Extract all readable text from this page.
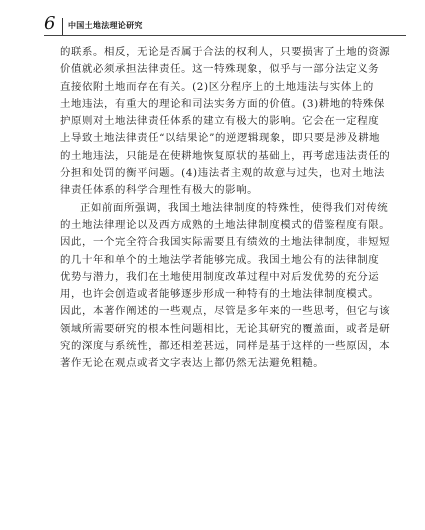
6 中国土地法理论研究
的联系。相反，无论是否属于合法的权利人，只要损害了土地的资源
价值就必须承担法律责任。这一特殊现象，似乎与一部分法定义务
直接依附土地而存在有关。(2)区分程序上的土地违法与实体上的
土地违法，有重大的理论和司法实务方面的价值。(3)耕地的特殊保
护原则对土地法律责任体系的建立有极大的影响。它会在一定程度
上导致土地法律责任“以结果论”的逆逻辑现象，即只要是涉及耕地
的土地违法，只能是在使耕地恢复原状的基础上，再考虑违法责任的
分担和处罚的衡平问题。(4)违法者主观的故意与过失，也对土地法
律责任体系的科学合理性有极大的影响。
正如前面所强调，我国土地法律制度的特殊性，使得我们对传统
的土地法律理论以及西方成熟的土地法律制度模式的借鉴程度有限。
因此，一个完全符合我国实际需要且有绩效的土地法律制度，非短短
的几十年和单个的土地法学者能够完成。我国土地公有的法律制度
优势与潜力，我们在土地使用制度改革过程中对后发优势的充分运
用，也许会创造或者能够逐步形成一种特有的土地法律制度模式。
因此，本著作阐述的一些观点，尽管是多年来的一些思考，但它与该
领域所需要研究的根本性问题相比，无论其研究的覆盖面，或者是研
究的深度与系统性，都还相差甚远，同样是基于这样的一些原因，本
著作无论在观点或者文字表达上都仍然无法避免粗糙。
